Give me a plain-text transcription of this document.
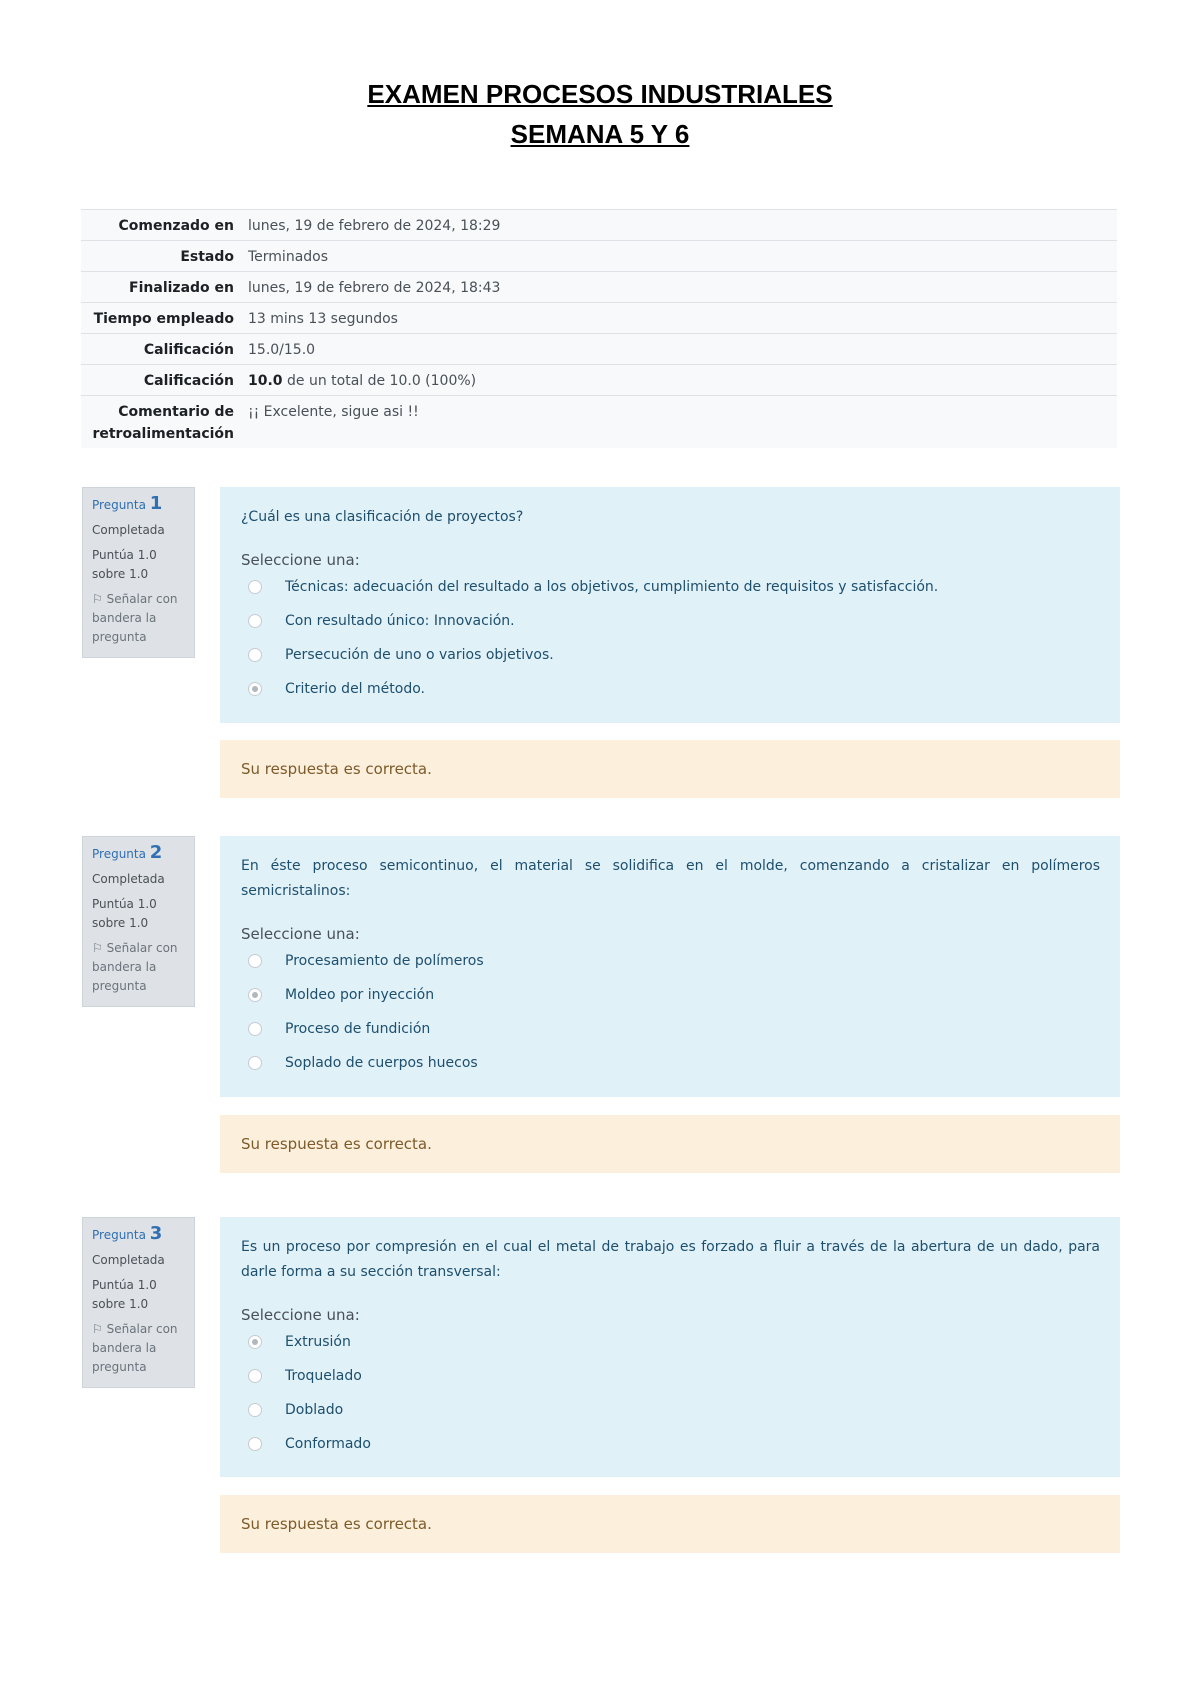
EXAMEN PROCESOS INDUSTRIALES
SEMANA 5 Y 6
Comenzado en	lunes, 19 de febrero de 2024, 18:29
Estado	Terminados
Finalizado en	lunes, 19 de febrero de 2024, 18:43
Tiempo empleado	13 mins 13 segundos
Calificación	15.0/15.0
Calificación	10.0 de un total de 10.0 (100%)
Comentario de retroalimentación	¡¡ Excelente, sigue asi !!
Pregunta 1
Completada
Puntúa 1.0 sobre 1.0
⚐ Señalar con bandera la pregunta
¿Cuál es una clasificación de proyectos?
Seleccione una:
Técnicas: adecuación del resultado a los objetivos, cumplimiento de requisitos y satisfacción.
Con resultado único: Innovación.
Persecución de uno o varios objetivos.
Criterio del método.
Su respuesta es correcta.
Pregunta 2
Completada
Puntúa 1.0 sobre 1.0
⚐ Señalar con bandera la pregunta
En éste proceso semicontinuo, el material se solidifica en el molde, comenzando a cristalizar en polímeros semicristalinos:
Seleccione una:
Procesamiento de polímeros
Moldeo por inyección
Proceso de fundición
Soplado de cuerpos huecos
Su respuesta es correcta.
Pregunta 3
Completada
Puntúa 1.0 sobre 1.0
⚐ Señalar con bandera la pregunta
Es un proceso por compresión en el cual el metal de trabajo es forzado a fluir a través de la abertura de un dado, para darle forma a su sección transversal:
Seleccione una:
Extrusión
Troquelado
Doblado
Conformado
Su respuesta es correcta.
